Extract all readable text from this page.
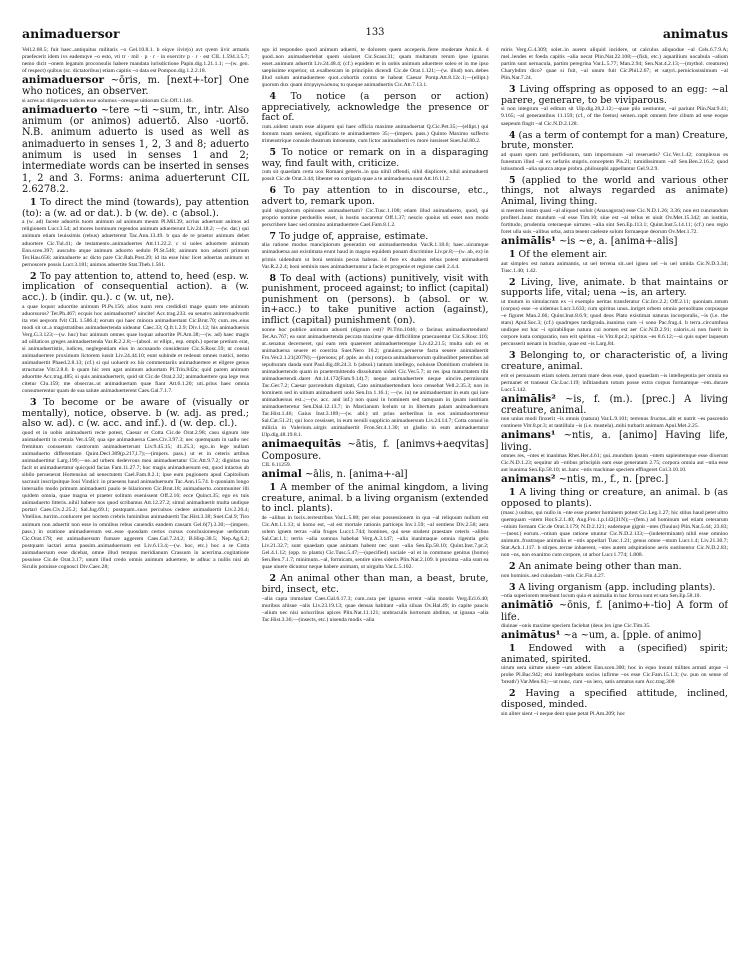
animaduersor	133	animatus

Vell.2.68.5; fuit haec..antiquitus militaris ~o Gel.10.8.1. b eiqve iivir(o) avt qvem iivir armatis praefecerit idem ivs eademqve ~o esto, vti tr · mil · p · r · in exercitv p · r · est CIL 1.594.3.5.7; nemo dicit ~onem legatum proconsulis habere mandata iurisdictione Papin.dig.1.21.1.1; —(w. gen. of respect) quibus (sc. dictatoribus) etiam capitis ~o data est Pompon.dig.1.2.2.18.

animaduersor ~ōris, m. [next+-tor] One who notices, an observer.

si acres ac diligentes iudices esse uolumus ~oresque uitiorum Cic.Off.1.146.

animaduerto ~tere ~ti ~sum, tr., intr. Also animum (or animos) aduertō. Also -uortō. N.B. animum aduerto is used as well as animaduerto in senses 1, 2, 3 and 8; aduerto animum is used in senses 1 and 2; intermediate words can be inserted in senses 1, 2 and 3. Forms: anima aduerterunt CIL 2.6278.2.

1 To direct the mind (towards), pay attention (to): a (w. ad or dat.). b (w. de). c (absol.).

a (w. ad) facete aduortis tuom animum ad animum meum Pl.Mil.39; acrius aduertunt animos ad religionem Lucr.3.54; ad mores hominum regendos animum aduerterunt Liv.24.18.2; —(w. dat.) qui animum etiam leuissimis (rebus) aduerterent Tac.Ann.13.49. b qua de re praetor animum debet aduortere Cic.Tul.41; de testamento..animaduertes Att.11.22.2. c si uoles aduortere animum Enn.scen.397; ausculto atque animum aduorto sedulo Pl.St.546; animum non aduorti primum Ter.Hau.656; animaduerte ac dicto pare Cic.Rab.Post.29; id ita esse hinc licet aduertas animum ut pernoscere possis Lucr.3.181; animos aduertite Stat.Theb.1.561.

2 To pay attention to, attend to, heed (esp. w. implication of consequential action). a (w. acc.). b (indir. qu.). c (w. ut, ne).

a quae loquor aduortite animum Pl.Ps.156; alios tuam rem credidisti mage quam tete animum aduorsuros? Ter.Ph.467; ecquis hoc animaduortet? uincite! Acc.trag.233. ea senatvs animvmadvortit ita vtei aeqvom fvit CIL 1.586.4; eorum qui haec minora animaduertant Cic.Brut.70; cum..res..eius modi sit ut..a magistratibus animaduertenda uideatur Caec.33; Q.fr.1.2.9; Div.1.12; his animaduersis Verg.G.3.123;—(w. huc) huc animum omnes quae loquar aduortite Pl.Am.38;—(w. ad) haec magis ad uillaticos greges animaduertenda Var.R.2.2.8;—(absol. or ellipt., esp. emph.) operae pretium erat, si animaduertistis, iudices, neglegentiam eius in accusando considerare Cic.S.Rosc.59; ut consul animaduertere proximum lictorem iussit Liv.24.44.10; eunt subinde et redeunt omnes rustici, nemo animaduertit Phaed.2.8.13; (cf.) si qui uoluerit ex his commentariis animaduertere et eligere genus structurae Vitr.2.8.8. b quam hic rem agat animum aduortam Pl.Trin.842a; quid parem animum aduortite Acc.trag.485; si quis animaduerterit, quid sit Cic.de Orat.2.32; animaduertere qua lege reus citetur Clu.159; me obsecras..ut animaduertam quae fiant Att.6.1.20; uti..prius haec omnia consumerentur quam de sua salute animaduerterent Caes.Gal.7.1.7.

3 To become or be aware of (visually or mentally), notice, observe. b (w. adj. as pred.; also w. ad). c (w. acc. and inf.). d (w. dep. cl.).

quod et in uobis animaduerti recte potest, Caesar et Cotta Cic.de Orat.2.98; casu signum iste animaduertit in cretula Ver.4.58; qua spe animaduersa Caes.Civ.3.97.3; nec quemquam in uallo nec fremitum consuetum castrorum animaduerterunt Liv.9.45.15; 41.25.3; ego..in lege nullam animaduerto differentiam Quint.Decl.309(p.217,l.7);—(impers. pass.) ut et in ceteris artibus animaduertitur Larg.199;—ne..ad urbem dedevrous mea animaduertatur Cic.Att.9.7.2; dignitas tua facit ut animaduertatur quicquid facias Fam.11.27.7; hoc magis animaduersum est, quod intactus ab sibilo peruenerat Hortensius ad senectutem Cael.Fam.8.2.1; ipse eum pugionem apud Capitolium sacrauit inscripsitque Ioui Vindici: in praesens haud animaduersum Tac.Ann.15.74. b quoniam longo interuallo modo primum animaduerti paulo te hilariorem Cic.Brut.18; animaduerto..communiter illi quidem omnia, quae magna et praeter solitum euenissent Off.2.16; ecce Quinct.35; ego ex tuis animaduerto litteris..nihil habere nos quod scribamus Att.12.27.2; simul animaduertit multa undique portari Caes.Civ.2.25.2; Sal.Jug.69.1; postquam..suos perculsos cedere animaduertit Liv.2.20.4; Vitellius..turrim..conlucere per noctem crebris luminibus animaduertit Tac.Hist.3.38; Suet.Cal.9; Tiro animum non aduertit non esse in omnibus rebus cauendis eandem causam Gel.6(7).3.30;—(impers. pass.) in oratione animaduersum est..esse quosdam certos cursus conclusionesque uerborum Cic.Orat.178; est animaduersum fumare aggerem Caes.Gal.7.24.2; B.Hisp.38.5; Nep.Ag.6.2; postquam iactari arma passim..animaduersum est Liv.6.13.4;—(w. hoc, etc.) hoc a se Cotta animaduersum esse dicebat, omne illud tempus meridianum Crassum in acerrima..cogitatione posuisse Cic.de Orat.3.17; unum illud credo omnis animum aduertere, te adhuc a nullis nisi ab Siculis potuisse cognosci Div.Caec.28;

ego id respondeo quod animum aduerti, te dolorem quem acceperis..ferre moderate Amic.8. d quod..non animaduertebat quem uiolaret Cic.Scaur.31; quam multarum rerum ipse ignarus esset..animum aduertit Liv.24.48.4; (cf.) equidem et in uobis animum aduertere soleo et in me ipso saepissime experior, ut..exalbescam in principiis dicendi Cic.de Orat.1.121;—(w. illud) non..debes illud solum animaduertere quot..cohortis contra te habeat Caesar Pomp.Att.8.12c.1;—(ellipt.) quorum dux quam ἀτεργιγνώσκοις tu quoque animaduertis Cic.Att.7.13.1.

4 To notice (a person or action) appreciatively, acknowledge the presence or fact of.

cum..uident unum esse aliquem qui haec officia maxime animaduertat Q.Cic.Pet.35;—(ellipt.) qui domum tuam uenient, significato te animaduertere 35;—(impers. pass.) Quinto Maximo suffecto trimenstrique consule theatrum introeunte, cum lictor animaduerti ex more iussisset Suet.Jul.80.2.

5 To notice or remark on in a disparaging way, find fault with, criticize.

cum sit quaedam certa uox Romani generis..in qua nihil offendi, nihil displicere, nihil animaduerti possit Cic.de Orat.3.44; libenter ea corrigam quae a te animaduersa sunt Att.16.11.2.

6 To pay attention to in discourse, etc., advert to, remark upon.

quid singulorum opiniones animaduertam? Cic.Tusc.1.108; etiam illud animaduerto, quod, qui proprio nomine perduellis esset, is hostis uocaretur Off.1.37; nescio quoius uti esset non modo perscribere haec sed omnino animaduertere Cael.Fam.8.1.2.

7 To judge of, appraise, estimate.

alia ratione modus mancipiorum generatim est animaduertendus Var.R.1.18.6; haec..uicumque animaduersa aut existimata erunt haud in magno equidem ponam discrimine Liv.pr.8;—(w. ab, ex) in primis uidendum ut boni seminis pecus habeas. id fere ex duabus rebus potest animaduerti Var.R.2.2.4; boni seminis sues animaduertuntur a facie et progenie et regione caeli 2.4.4.

8 To deal with (actions) punitively, visit with punishment, proceed against; to inflict (capital) punishment on (persons). b (absol. or w. in+acc.) to take punitive action (against), inflict (capital) punishment (on).

nonne hoc publice animum aduorti (dignum est)? Pl.Trin.1046; o facinus animaduortendum! Ter.An.767; ea sunt animaduertenda peccata maxime quae difficillime praecauentur Cic.S.Rosc.116; ut..senatus decerneret, qui eam rem quaereret animaduerteretque Liv.42.21.5; multa sub eo et animaduersa seuere et coercita Suet.Nero 16.2; grauiora..peruerse facta seuere animaduertit Fro.Ver.2.1.21(207N);—(persons; pf. pple. as sb.) corpora animaduersorum quibuslibet petentibus ad sepulturam danda sunt Paul.dig.48.24.3. b (absol.) tantum intellego, noluisse Domitium crudelem in animaduertendo quam in praetermittendo dissolutum uideri Cic.Ver.5.7; ut res ipsa maturitatem tibi animaduertendi..daret Att.14.172(Fam.9.14).7; neque animaduertere neque uincire..permissum Tac.Ger.7.2; Caesar parcendum dignitati, Cato animaduertendum loco censebat Vell.2.35.3; non in hominem sed in uitium animaduerti uolo Sen.Ira 1.16.1; —(w. in) ne animaduertant in eum qui iure animaduersus est..;—(w. acc. and inf.) non quasi in hominem sed tamquam in ipsam iustitiam animaduerteretur Sen.Dial.12.13.7; in Marcianum Icelum ut in libertum palam animaduersum Tac.Hist.1.46; Gaius Inst.3.189;—(w. abl.) uti prius uerberibus in eos animaduorteretur Sal.Cat.51.21; qui loco cessisset, in eum seruili supplicio animaduersum Liv.24.14.7; Cotta consul in milicia in Valerium..uirgis animaduertit Fron.Str.4.1.30; ut gladio in eum animaduertatur Ulp.dig.48.19.8.1.

animaequitās ~ātis, f. [animvs+aeqvitas] Composure.

CIL 6.11259.

animal ~ālis, n. [anima+-al]

1 A member of the animal kingdom, a living creature, animal. b a living organism (extended to incl. plants).

de ~alibus in locis..terrestribus Var.L.5.80; per eius possessionem in qua ~al reliquum nullum est Cic.Att.1.1.13; si homo est, ~al est mortale rationis particeps Inv.1.59; ~al sentiens Div.2.58; aera solem ignem terras ~alia fruges Lucr.1.744; homines, qui sese student praestare ceteris ~alibus Sal.Cat.1.1; terris ~alia somnus habebat Verg.A.3.147; ~alia inanimaque omnia rigentia gelu Liv.21.32.7; sunt quaedam quae animam habent nec sunt ~alia Sen.Ep.58.10; Quint.Inst.7.pr.2; Gel.4.1.12; (opp. to plants) Cic.Tusc.5.47;—(specified) sociale ~al et in commune genitus (homo) Sen.Ben.7.1.7; minimum..~al, formicam, sentire uires sideris Plin.Nat.2.109. b proxima ~alia sunt ea quae uiuere dicuntur neque habere animam, ut uirgulta Var.L.5.102.

2 An animal other than man, a beast, brute, bird, insect, etc.

~alia capta immolant Caes.Gal.6.17.3; cum..rara per ignaros errent ~alia montis Verg.Ecl.6.40; muribus aliisue ~alis Liv.23.19.13; quae densas habitant ~alia siluas Ov.Hal.49; in capite paucis ~alium nec nisi uolucribus apices Plin.Nat.11.121; umbraculis hortorum abditus, ut ignaua ~alia Tac.Hist.3.36;—(insects, etc.) uisenda modis ~alia

miris Verg.G.4.309; solet..in aurem aliquid incidere, ut calculus aliquodue ~al Cels.6.7.9.A; mel..lendes et foeda capitis ~alia necat Plin.Nat.22.108;—(fish, etc.) aquatilium uocabula ~alium partim sunt uernacula, partim peregrina Var.L.5.77; Man.2.94; Sen.Nat.4.2.13;—(mythol. creatures) Charybdim dico? quae si fuit, ~al unum fuit Cic.Phil.2.67; et satyri..perniciosissimum ~al Plin.Nat.7.24.

3 Living offspring as opposed to an egg: ~al parere, generare, to be viviparous.

si non integrum ~al editum sit Ulp.dig.28,2.12;—quae pilo uestiuntur, ~al pariunt Plin.Nat.9.41; 9.165; ~al generantibus 11.159; (cf., of the foetus) semen..rapit omnem fere cibum ad sese eoque saepeum fingit ~al Cic.N.D.2.128.

4 (as a term of contempt for a man) Creature, brute, monster.

ad quam spem tam perfidiosum, tam importunum ~al reseruetis? Cic.Ver.1.42; complexus es funestum illud ~al ex nefariis stupris..conceptem Pis.21; tumidissimum ~al! Sen.Ben.2.16.2; quod istiusmodi ~alia spurca atque probra..philosophi appellantur Gel.9.2.9.

5 (applied to the world and various other things, not always regarded as animate) Animal, living thing.

si mentem istam quasi ~al aliquod uoluit (Anaxagoras) esse Cic.N.D.1.26; 3.36; non est cunctandum profiteri..hunc mundum ~al esse Tim.10; siue est ~al tellus et uiuit Ov.Met.15.342; an iustitia, fortitudo, prudentia ceteraeque uirtutes ~alia sint Sen.Ep.113.1; Quint.Inst.5.14.11; (cf.) neu regio foret ulla suis ~alibus orba, astra tenent caeleste solum formaeque deorum Ov.Met.1.72.

animālis¹ ~is ~e, a. [anima+-alis]

1 Of the element air.

aut simplex est natura animantis, ut uel terrena sit..uel ignea uel ~is uel umida Cic.N.D.3.34; Tusc.1.40; 1.42.

2 Living, live, animate. b that maintains or supports life, vital; uena ~is, an artery.

ut mutum in simulacrum ex ~i exemplo ueritas transferatur Cic.Inv.2.2; Off.2.11; quoniam..totum (corpus) esse ~e uidemus Lucr.3.633; cum spiritus unus..inriget orbem omnia peruolitans corpusque ~e figuret Man.2.66; Quint.Inst.8.6.9; quod deos Plato existimat naturas incorporalis, ~is (i.e. the stars) Apul.Soc.3; (cf.) quadrupes tardigrada..inanima cum ~i sono Pac.frag.4. b terra..circumfusa undique est hac ~i spirabilique natura cui nomen est aer Cic.N.D.2.91; caloris..si non fuerit in corpore iusta comparatio, non erit spiritus ~is Vitr.8.pr.2; spiritus ~es 8.6.12;—si quis super laqueum percusserit uenam in brachio, quae est ~is Larg.84.

3 Belonging to, or characteristic of, a living creature, animal.

erit ei persuasum etiam solem..terram mare deos esse, quod quaedam ~is intellegentia per omnia ea permanet et transeat Cic.Luc.119; infitiandum totum posse extra corpus formamque ~em..durare Lucr.5.142.

animālis² ~is, f. (m.). [prec.] A living creature, animal.

non unius modi finxerit ~is omnis (natura) Var.L.9.101; terrenus fructus..alit et nutrit ~es pascendo continere Vitr.8.pr.3; ut tantillula ~is (i.e. mustela)..mihi turbarit animum Apul.Met.2.25.

animans¹ ~ntis, a. [animo] Having life, living.

omnes res, ~ntes et inanimas Rhet.Her.4.61; qui..mundum ipsum ~ntem sapientemque esse dixerunt Cic.N.D.1.23; sequitur ab ~ntibus principiis eam esse generatam 2.75; corpora omnia aut ~ntia esse aut inanima Sen.Ep.58.10; ut..hanc ~ntis machinae speciem effingeret Col.3.10.10.

animans² ~ntis, m., f., n. [prec.]

1 A living thing or creature, an animal. b (as opposed to plants).

(masc.) uultus, qui nullo in ~nte esse praeter hominem potest Cic.Leg.1.27; hic stilus haud petet ultro quemquam ~ntem Hor.S.2.1.40; Aug.Fro.1.p.142(31N);—(fem.) ad hominum uel etiam ceterarum ~ntium formam Cic.de Orat.3.179; N.D.2.121; eademque gignit ~ntes (fluuius) Plin.Nat.5.44; 23.83;—(neut.) eorum..~ntium quae ratione utuntur Cic.N.D.2.133;—(indeterminate) nihil esse omnino animum..frustraque animalia et ~ntis appellari Tusc.1.21; genus omne ~ntum Lucr.1.4; Liv.21.30.7; Stat.Ach.1.117. b stirpes..terrae inhaerent, ~ntes autem adspiratione aeris sustinentur Cic.N.D.2.83; non ~ns, non exanimo cum corpore, ut arbor Lucr.1.774; 1.808.

2 An animate being other than man.

non hominis..sed cuiusdam ~ntis Cic.Fin.4.27.

3 A living organism (app. including plants).

~ntia superiorem tenebunt locum quia et animalia in hac forma sunt et sata Sen.Ep.58.10.

animātiō ~ōnis, f. [animo+-tio] A form of life.

diuinae ~onis maxime speciem faciebat (deus )ex igne Cic.Tim.35.

animātus¹ ~a ~um, a. [pple. of animo]

1 Endowed with a (specified) spirit; animated, spirited.

uirum uera uirtute uiuere ~um addecet Enn.scen.300; hoc in equo insunt milites armati atque ~i probe Pl.Bac.942; etsi intellegebam socios infirme ~os esse Cic.Fam.15.1.3; (w. pun on sense of 'breath') Var.Men.63;—ut nunc, cum ~us iero, satis armatus sum Acc.trag.308

2 Having a specified attitude, inclined, disposed, minded.

sin aliter sient ~i neque dent quae petat Pl.Am.209; hoc
